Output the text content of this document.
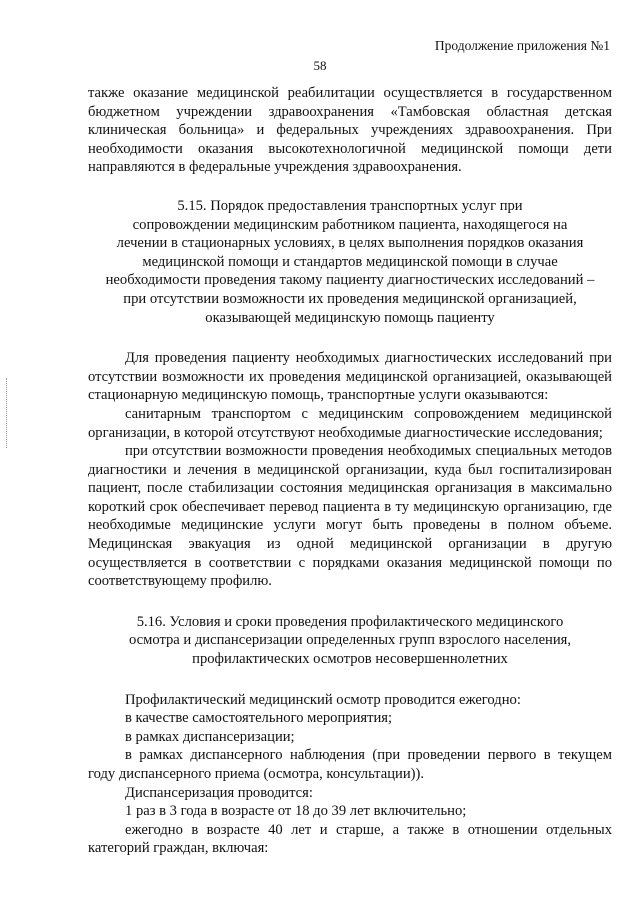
Продолжение приложения №1
58

также оказание медицинской реабилитации осуществляется в государственном бюджетном учреждении здравоохранения «Тамбовская областная детская клиническая больница» и федеральных учреждениях здравоохранения. При необходимости оказания высокотехнологичной медицинской помощи дети направляются в федеральные учреждения здравоохранения.

5.15. Порядок предоставления транспортных услуг при
сопровождении медицинским работником пациента, находящегося на
лечении в стационарных условиях, в целях выполнения порядков оказания
медицинской помощи и стандартов медицинской помощи в случае
необходимости проведения такому пациенту диагностических исследований –
при отсутствии возможности их проведения медицинской организацией,
оказывающей медицинскую помощь пациенту

Для проведения пациенту необходимых диагностических исследований при отсутствии возможности их проведения медицинской организацией, оказывающей стационарную медицинскую помощь, транспортные услуги оказываются:

санитарным транспортом с медицинским сопровождением медицинской организации, в которой отсутствуют необходимые диагностические исследования;

при отсутствии возможности проведения необходимых специальных методов диагностики и лечения в медицинской организации, куда был госпитализирован пациент, после стабилизации состояния медицинская организация в максимально короткий срок обеспечивает перевод пациента в ту медицинскую организацию, где необходимые медицинские услуги могут быть проведены в полном объеме. Медицинская эвакуация из одной медицинской организации в другую осуществляется в соответствии с порядками оказания медицинской помощи по соответствующему профилю.

5.16. Условия и сроки проведения профилактического медицинского
осмотра и диспансеризации определенных групп взрослого населения,
профилактических осмотров несовершеннолетних

Профилактический медицинский осмотр проводится ежегодно:

в качестве самостоятельного мероприятия;

в рамках диспансеризации;

в рамках диспансерного наблюдения (при проведении первого в текущем году диспансерного приема (осмотра, консультации)).

Диспансеризация проводится:

1 раз в 3 года в возрасте от 18 до 39 лет включительно;

ежегодно в возрасте 40 лет и старше, а также в отношении отдельных категорий граждан, включая:
